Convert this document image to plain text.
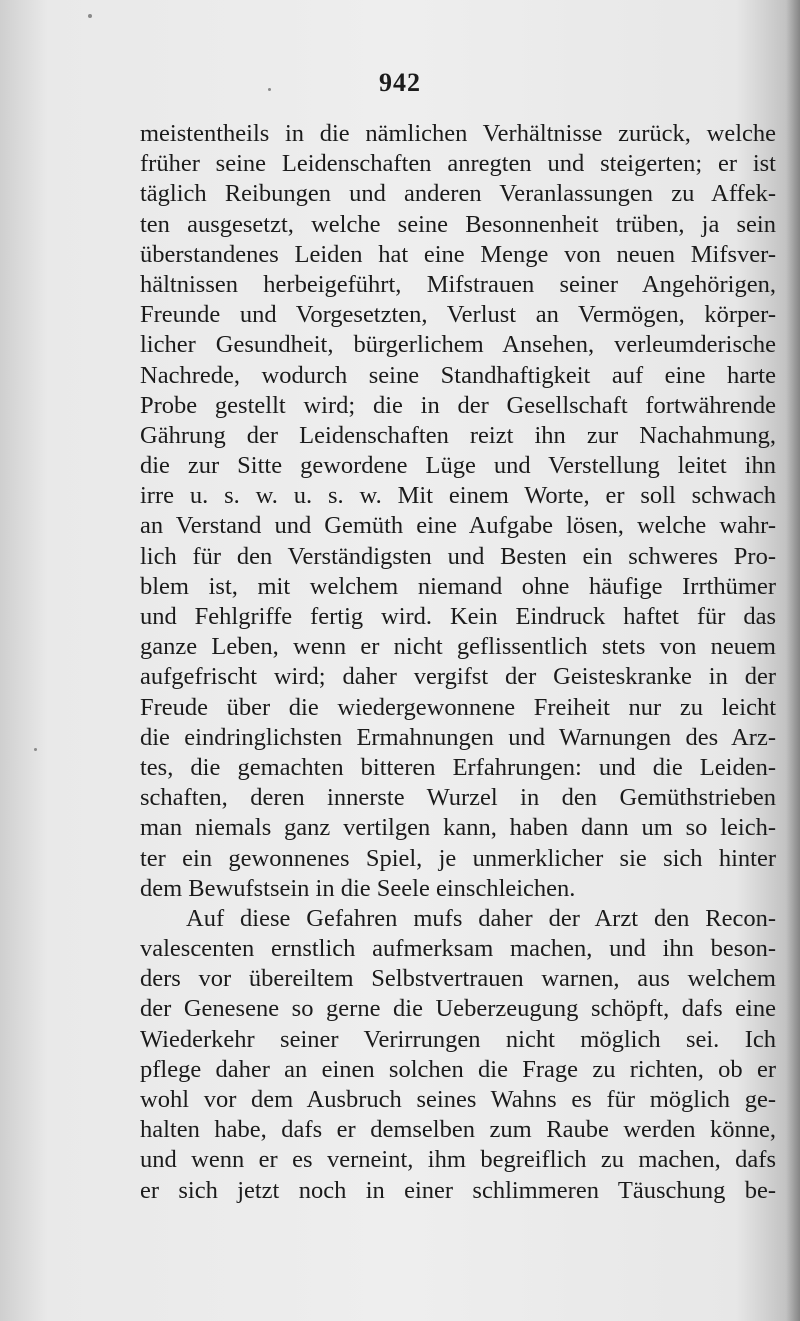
942
meistentheils in die nämlichen Verhältnisse zurück, welche
früher seine Leidenschaften anregten und steigerten; er ist
täglich Reibungen und anderen Veranlassungen zu Affek-
ten ausgesetzt, welche seine Besonnenheit trüben, ja sein
überstandenes Leiden hat eine Menge von neuen Mifsver-
hältnissen herbeigeführt, Mifstrauen seiner Angehörigen,
Freunde und Vorgesetzten, Verlust an Vermögen, körper-
licher Gesundheit, bürgerlichem Ansehen, verleumderische
Nachrede, wodurch seine Standhaftigkeit auf eine harte
Probe gestellt wird; die in der Gesellschaft fortwährende
Gährung der Leidenschaften reizt ihn zur Nachahmung,
die zur Sitte gewordene Lüge und Verstellung leitet ihn
irre u. s. w. u. s. w. Mit einem Worte, er soll schwach
an Verstand und Gemüth eine Aufgabe lösen, welche wahr-
lich für den Verständigsten und Besten ein schweres Pro-
blem ist, mit welchem niemand ohne häufige Irrthümer
und Fehlgriffe fertig wird. Kein Eindruck haftet für das
ganze Leben, wenn er nicht geflissentlich stets von neuem
aufgefrischt wird; daher vergifst der Geisteskranke in der
Freude über die wiedergewonnene Freiheit nur zu leicht
die eindringlichsten Ermahnungen und Warnungen des Arz-
tes, die gemachten bitteren Erfahrungen: und die Leiden-
schaften, deren innerste Wurzel in den Gemüthstrieben
man niemals ganz vertilgen kann, haben dann um so leich-
ter ein gewonnenes Spiel, je unmerklicher sie sich hinter
dem Bewufstsein in die Seele einschleichen.
Auf diese Gefahren mufs daher der Arzt den Recon-
valescenten ernstlich aufmerksam machen, und ihn beson-
ders vor übereiltem Selbstvertrauen warnen, aus welchem
der Genesene so gerne die Ueberzeugung schöpft, dafs eine
Wiederkehr seiner Verirrungen nicht möglich sei. Ich
pflege daher an einen solchen die Frage zu richten, ob er
wohl vor dem Ausbruch seines Wahns es für möglich ge-
halten habe, dafs er demselben zum Raube werden könne,
und wenn er es verneint, ihm begreiflich zu machen, dafs
er sich jetzt noch in einer schlimmeren Täuschung be-
